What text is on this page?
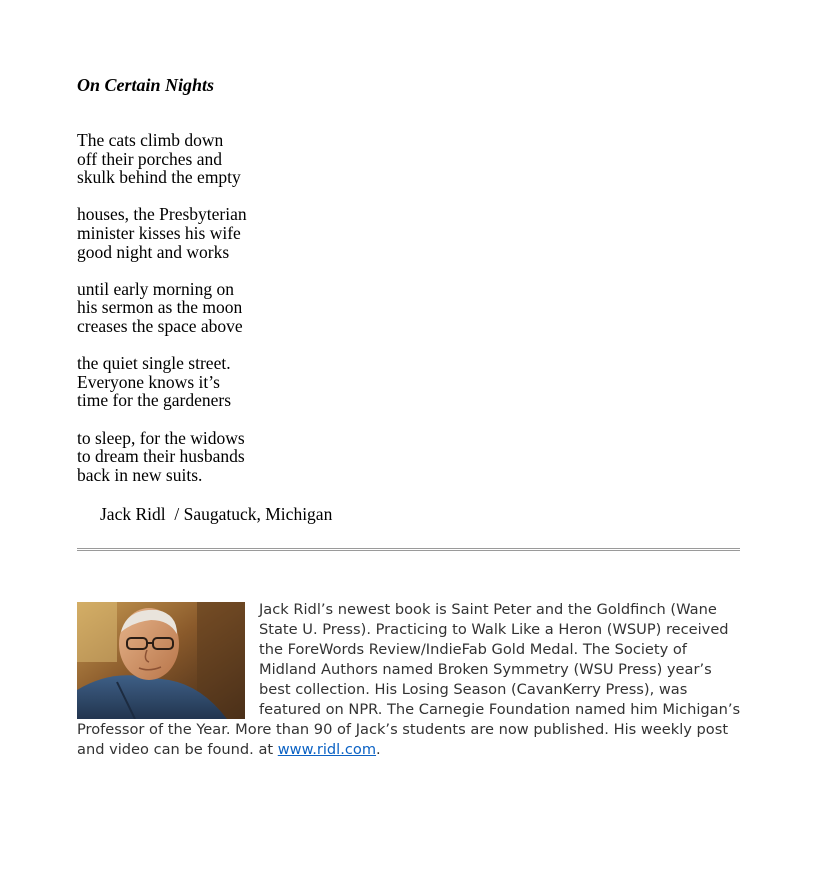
On Certain Nights
The cats climb down
off their porches and
skulk behind the empty
houses, the Presbyterian
minister kisses his wife
good night and works
until early morning on
his sermon as the moon
creases the space above
the quiet single street.
Everyone knows it’s
time for the gardeners
to sleep, for the widows
to dream their husbands
back in new suits.
Jack Ridl  / Saugatuck, Michigan
Jack Ridl’s newest book is Saint Peter and the Goldfinch (Wane State U. Press). Practicing to Walk Like a Heron (WSUP) received the ForeWords Review/IndieFab Gold Medal. The Society of Midland Authors named Broken Symmetry (WSU Press) year’s best collection. His Losing Season (CavanKerry Press), was featured on NPR. The Carnegie Foundation named him Michigan’s Professor of the Year. More than 90 of Jack’s students are now published. His weekly post and video can be found. at www.ridl.com.
